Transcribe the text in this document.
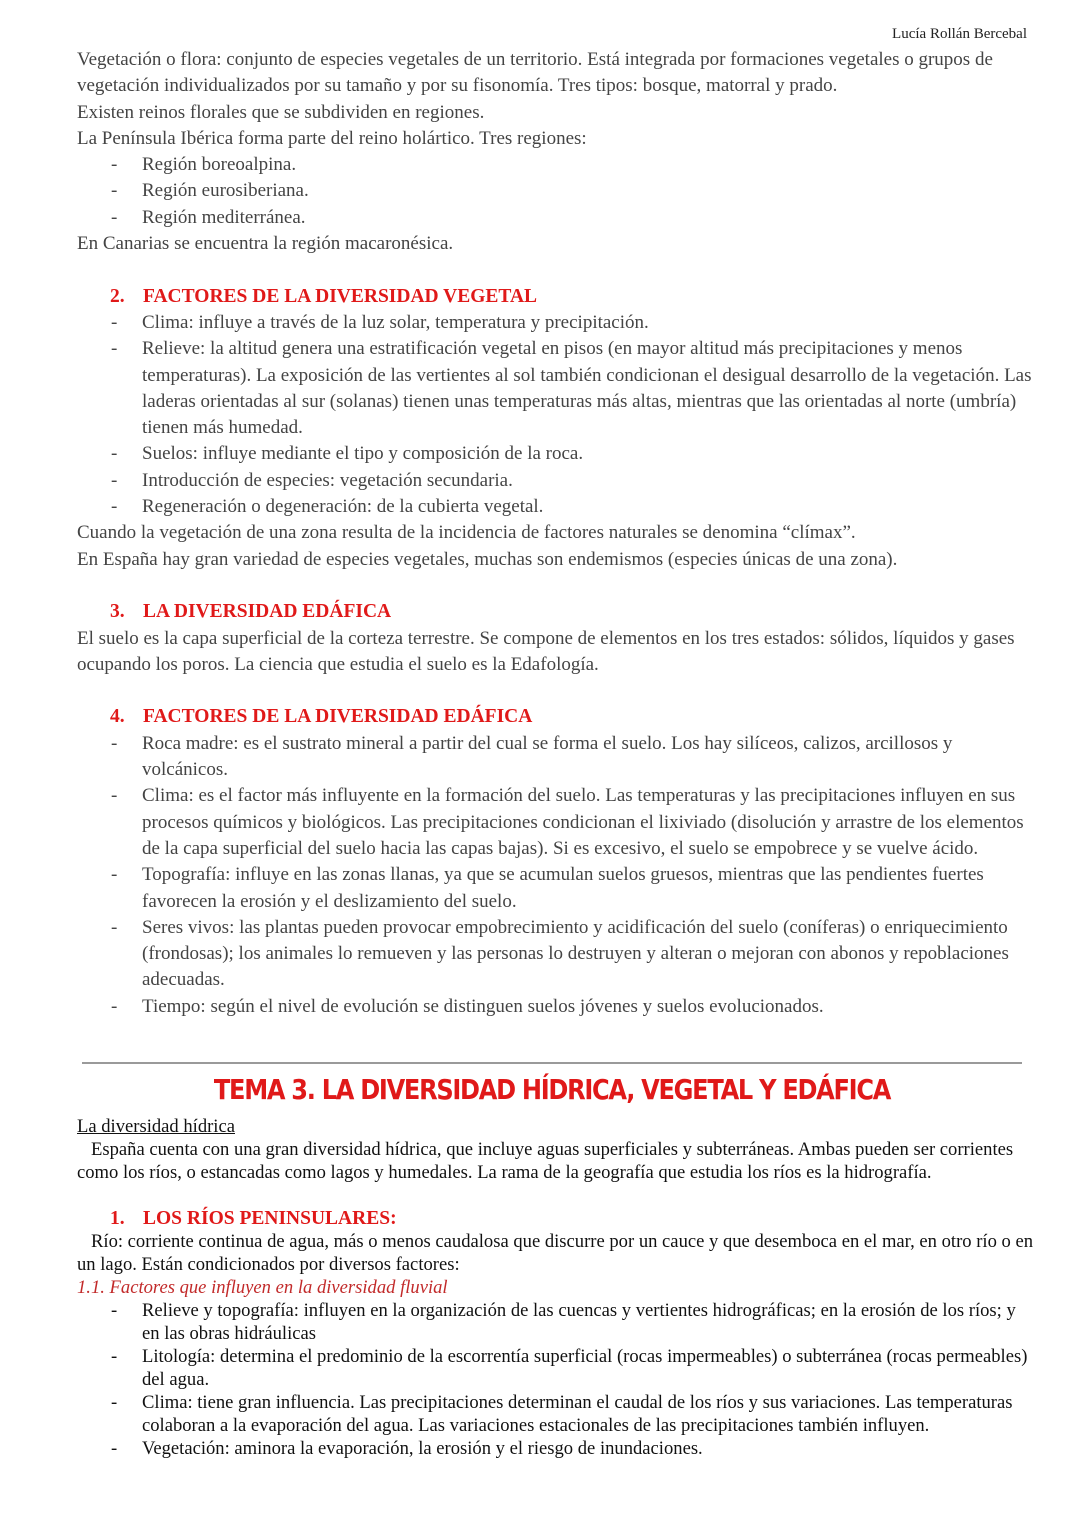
Lucía Rollán Bercebal

Vegetación o flora: conjunto de especies vegetales de un territorio. Está integrada por formaciones vegetales o grupos de vegetación individualizados por su tamaño y por su fisonomía. Tres tipos: bosque, matorral y prado.

Existen reinos florales que se subdividen en regiones.

La Península Ibérica forma parte del reino holártico. Tres regiones:

- Región boreoalpina.
- Región eurosiberiana.
- Región mediterránea.

En Canarias se encuentra la región macaronésica.

2. FACTORES DE LA DIVERSIDAD VEGETAL
- Clima: influye a través de la luz solar, temperatura y precipitación.
- Relieve: la altitud genera una estratificación vegetal en pisos (en mayor altitud más precipitaciones y menos temperaturas). La exposición de las vertientes al sol también condicionan el desigual desarrollo de la vegetación. Las laderas orientadas al sur (solanas) tienen unas temperaturas más altas, mientras que las orientadas al norte (umbría) tienen más humedad.
- Suelos: influye mediante el tipo y composición de la roca.
- Introducción de especies: vegetación secundaria.
- Regeneración o degeneración: de la cubierta vegetal.

Cuando la vegetación de una zona resulta de la incidencia de factores naturales se denomina “clímax”.

En España hay gran variedad de especies vegetales, muchas son endemismos (especies únicas de una zona).

3. LA DIVERSIDAD EDÁFICA

El suelo es la capa superficial de la corteza terrestre. Se compone de elementos en los tres estados: sólidos, líquidos y gases ocupando los poros. La ciencia que estudia el suelo es la Edafología.

4. FACTORES DE LA DIVERSIDAD EDÁFICA
- Roca madre: es el sustrato mineral a partir del cual se forma el suelo. Los hay silíceos, calizos, arcillosos y volcánicos.
- Clima: es el factor más influyente en la formación del suelo. Las temperaturas y las precipitaciones influyen en sus procesos químicos y biológicos. Las precipitaciones condicionan el lixiviado (disolución y arrastre de los elementos de la capa superficial del suelo hacia las capas bajas). Si es excesivo, el suelo se empobrece y se vuelve ácido.
- Topografía: influye en las zonas llanas, ya que se acumulan suelos gruesos, mientras que las pendientes fuertes favorecen la erosión y el deslizamiento del suelo.
- Seres vivos: las plantas pueden provocar empobrecimiento y acidificación del suelo (coníferas) o enriquecimiento (frondosas); los animales lo remueven y las personas lo destruyen y alteran o mejoran con abonos y repoblaciones adecuadas.
- Tiempo: según el nivel de evolución se distinguen suelos jóvenes y suelos evolucionados.
TEMA 3. LA DIVERSIDAD HÍDRICA, VEGETAL Y EDÁFICA

La diversidad hídrica

España cuenta con una gran diversidad hídrica, que incluye aguas superficiales y subterráneas. Ambas pueden ser corrientes como los ríos, o estancadas como lagos y humedales. La rama de la geografía que estudia los ríos es la hidrografía.

1. LOS RÍOS PENINSULARES:

Río: corriente continua de agua, más o menos caudalosa que discurre por un cauce y que desemboca en el mar, en otro río o en un lago. Están condicionados por diversos factores:

1.1. Factores que influyen en la diversidad fluvial

- Relieve y topografía: influyen en la organización de las cuencas y vertientes hidrográficas; en la erosión de los ríos; y en las obras hidráulicas
- Litología: determina el predominio de la escorrentía superficial (rocas impermeables) o subterránea (rocas permeables) del agua.
- Clima: tiene gran influencia. Las precipitaciones determinan el caudal de los ríos y sus variaciones. Las temperaturas colaboran a la evaporación del agua. Las variaciones estacionales de las precipitaciones también influyen.
- Vegetación: aminora la evaporación, la erosión y el riesgo de inundaciones.
